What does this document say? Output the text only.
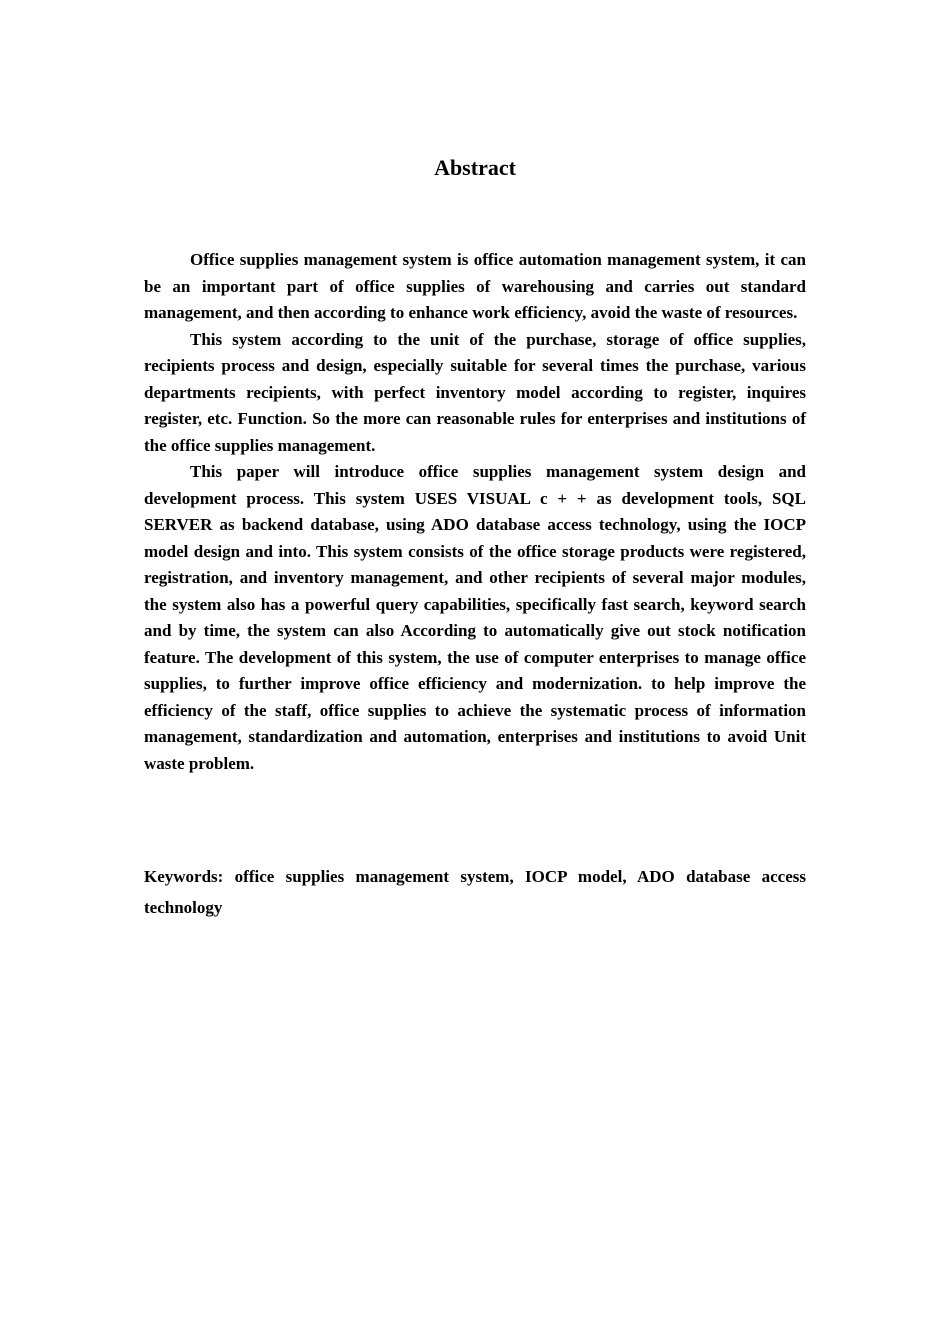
Abstract

Office supplies management system is office automation management system, it can be an important part of office supplies of warehousing and carries out standard management, and then according to enhance work efficiency, avoid the waste of resources.

This system according to the unit of the purchase, storage of office supplies, recipients process and design, especially suitable for several times the purchase, various departments recipients, with perfect inventory model according to register, inquires register, etc. Function. So the more can reasonable rules for enterprises and institutions of the office supplies management.

This paper will introduce office supplies management system design and development process. This system USES VISUAL c + + as development tools, SQL SERVER as backend database, using ADO database access technology, using the IOCP model design and into. This system consists of the office storage products were registered, registration, and inventory management, and other recipients of several major modules, the system also has a powerful query capabilities, specifically fast search, keyword search and by time, the system can also According to automatically give out stock notification feature. The development of this system, the use of computer enterprises to manage office supplies, to further improve office efficiency and modernization. to help improve the efficiency of the staff, office supplies to achieve the systematic process of information management, standardization and automation, enterprises and institutions to avoid Unit waste problem.

Keywords: office supplies management system, IOCP model, ADO database access technology
